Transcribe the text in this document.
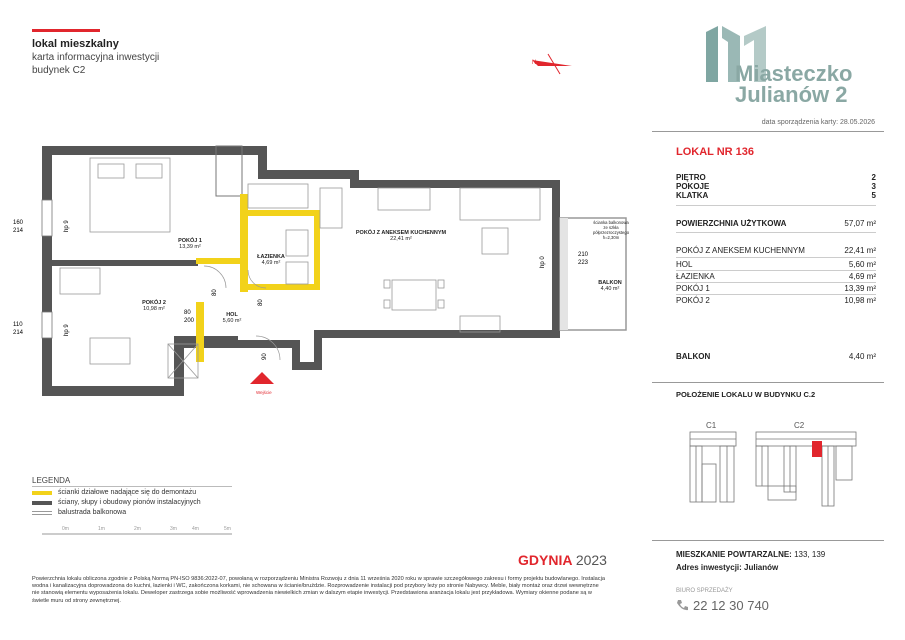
lokal mieszkalny
karta informacyjna inwestycji
budynek C2
N	Miasteczko
Julianów 2
data sporządzenia karty: 28.05.2026
LOKAL NR 136
PIĘTRO	2
POKOJE	3
KLATKA	5
POWIERZCHNIA UŻYTKOWA	57,07 m²
POKÓJ Z ANEKSEM KUCHENNYM	22,41 m²
HOL	5,60 m²
ŁAZIENKA	4,69 m²
POKÓJ 1	13,39 m²
POKÓJ 2	10,98 m²
BALKON	4,40 m²
POŁOŻENIE LOKALU W BUDYNKU C.2
C1	C2
MIESZKANIE POWTARZALNE: 133, 139
Adres inwestycji: Julianów
BIURO SPRZEDAŻY
22 12 30 740
POKÓJ 1
13,39 m²
POKÓJ 2
10,98 m²
HOL
5,60 m²
ŁAZIENKA
4,69 m²
POKÓJ Z ANEKSEM KUCHENNYM
22,41 m²
BALKON
4,40 m²
ścianka balkonowa
ze szkła
półprzezroczystego
h=2,30m
160
214
110
214
80
200
80
80
90
210
223
hp 9
hp 9
hp 0
Wejście
LEGENDA
ścianki działowe nadające się do demontażu
ściany, słupy i obudowy pionów instalacyjnych
balustrada balkonowa
0m	1m	2m	3m	4m	5m
GDYNIA 2023
Powierzchnia lokalu obliczona zgodnie z Polską Normą PN-ISO 9836:2022-07, powołaną w rozporządzeniu Ministra Rozwoju z dnia 11 września 2020 roku w sprawie szczegółowego zakresu i formy projektu budowlanego. Instalacja wodna i kanalizacyjna doprowadzona do kuchni, łazienki i WC, zakończona korkami, nie schowana w ścianie/bruździe. Rozprowadzenie instalacji pod przybory leży po stronie Nabywcy. Meble, biały montaż oraz drzwi wewnętrzne nie stanowią elementu wyposażenia lokalu. Deweloper zastrzega sobie możliwość wprowadzenia niewielkich zmian w dalszym etapie inwestycji. Przedstawiona aranżacja lokalu jest przykładowa. Wymiary okienne podane są w świetle muru od strony zewnętrznej.
